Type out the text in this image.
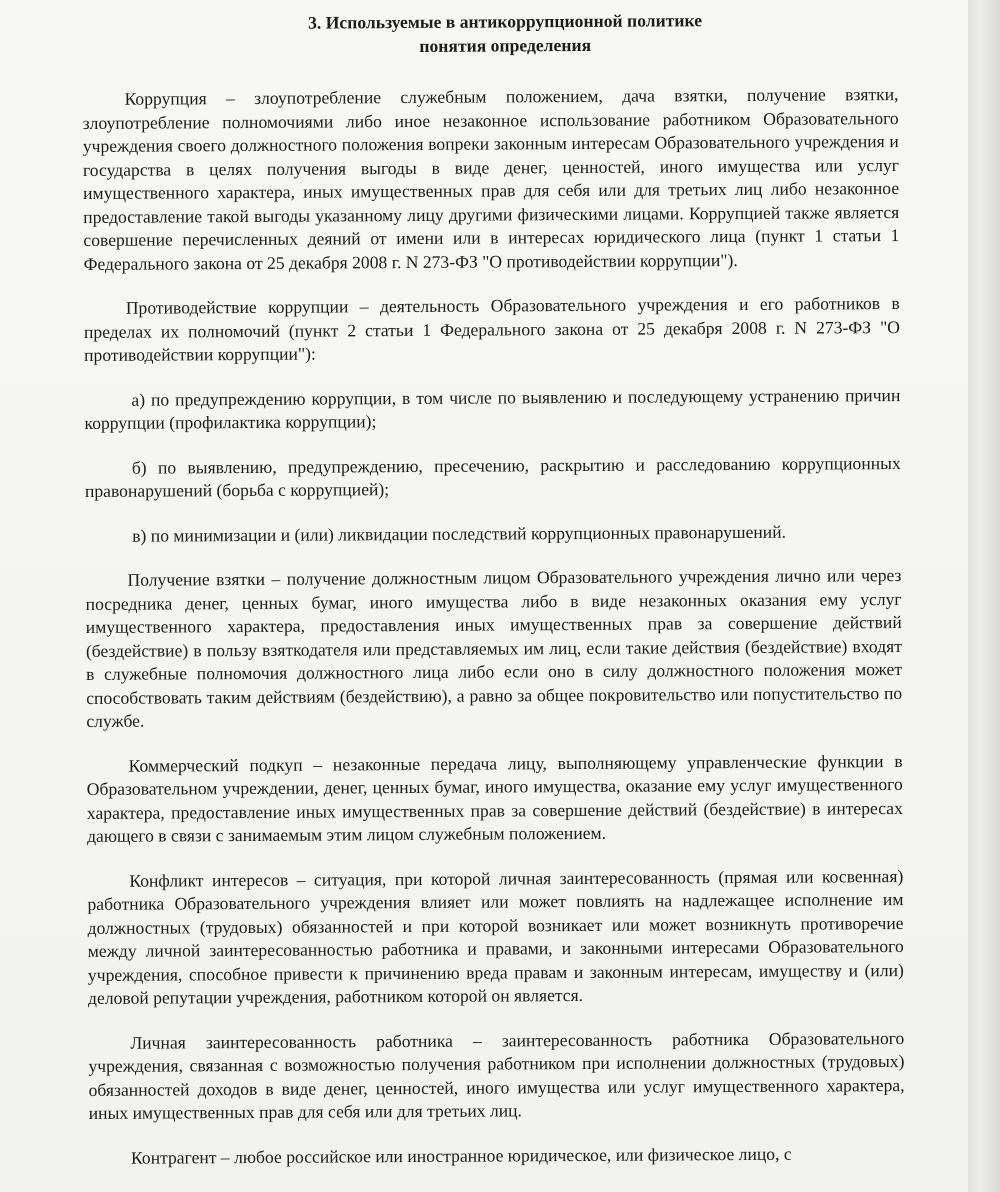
3. Используемые в антикоррупционной политике
понятия определения

Коррупция – злоупотребление служебным положением, дача взятки, получение взятки, злоупотребление полномочиями либо иное незаконное использование работником Образовательного учреждения своего должностного положения вопреки законным интересам Образовательного учреждения и государства в целях получения выгоды в виде денег, ценностей, иного имущества или услуг имущественного характера, иных имущественных прав для себя или для третьих лиц либо незаконное предоставление такой выгоды указанному лицу другими физическими лицами. Коррупцией также является совершение перечисленных деяний от имени или в интересах юридического лица (пункт 1 статьи 1 Федерального закона от 25 декабря 2008 г. N 273-ФЗ "О противодействии коррупции").

Противодействие коррупции – деятельность Образовательного учреждения и его работников в пределах их полномочий (пункт 2 статьи 1 Федерального закона от 25 декабря 2008 г. N 273-ФЗ "О противодействии коррупции"):

а) по предупреждению коррупции, в том числе по выявлению и последующему устранению причин коррупции (профилактика коррупции);

б) по выявлению, предупреждению, пресечению, раскрытию и расследованию коррупционных правонарушений (борьба с коррупцией);

в) по минимизации и (или) ликвидации последствий коррупционных правонарушений.

Получение взятки – получение должностным лицом Образовательного учреждения лично или через посредника денег, ценных бумаг, иного имущества либо в виде незаконных оказания ему услуг имущественного характера, предоставления иных имущественных прав за совершение действий (бездействие) в пользу взяткодателя или представляемых им лиц, если такие действия (бездействие) входят в служебные полномочия должностного лица либо если оно в силу должностного положения может способствовать таким действиям (бездействию), а равно за общее покровительство или попустительство по службе.

Коммерческий подкуп – незаконные передача лицу, выполняющему управленческие функции в Образовательном учреждении, денег, ценных бумаг, иного имущества, оказание ему услуг имущественного характера, предоставление иных имущественных прав за совершение действий (бездействие) в интересах дающего в связи с занимаемым этим лицом служебным положением.

Конфликт интересов – ситуация, при которой личная заинтересованность (прямая или косвенная) работника Образовательного учреждения влияет или может повлиять на надлежащее исполнение им должностных (трудовых) обязанностей и при которой возникает или может возникнуть противоречие между личной заинтересованностью работника и правами, и законными интересами Образовательного учреждения, способное привести к причинению вреда правам и законным интересам, имуществу и (или) деловой репутации учреждения, работником которой он является.

Личная заинтересованность работника – заинтересованность работника Образовательного учреждения, связанная с возможностью получения работником при исполнении должностных (трудовых) обязанностей доходов в виде денег, ценностей, иного имущества или услуг имущественного характера, иных имущественных прав для себя или для третьих лиц.

Контрагент – любое российское или иностранное юридическое, или физическое лицо, с
